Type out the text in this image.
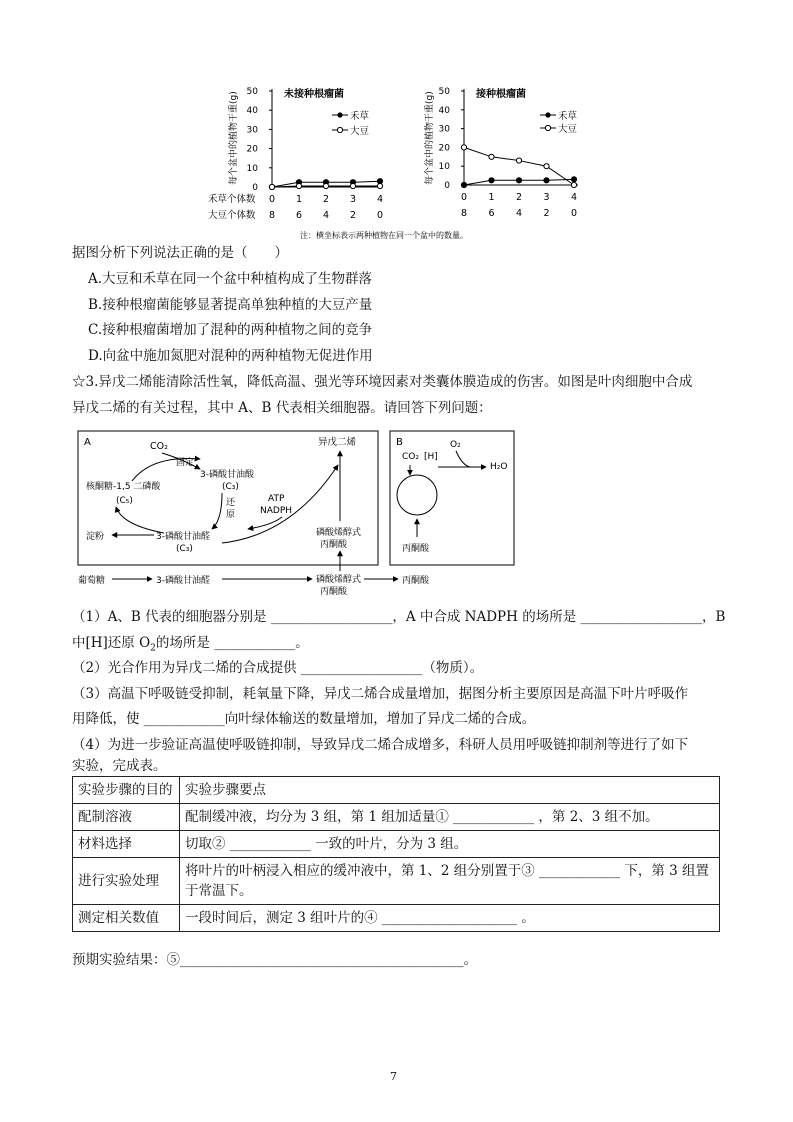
每个盆中的植物干重(g) 50
40
30
20
10
0
0 1 2 3 4
8 6 4 2 0
未接种根瘤菌
禾草
大豆
禾草个体数
大豆个体数
每个盆中的植物干重(g) 50
40
30
20
10
0
0 1 2 3 4
8 6 4 2 0
接种根瘤菌
禾草
大豆
注：横坐标表示两种植物在同一个盆中的数量。
据图分析下列说法正确的是（　　）
A.大豆和禾草在同一个盆中种植构成了生物群落
B.接种根瘤菌能够显著提高单独种植的大豆产量
C.接种根瘤菌增加了混种的两种植物之间的竞争
D.向盆中施加氮肥对混种的两种植物无促进作用
☆3.异戊二烯能清除活性氧，降低高温、强光等环境因素对类囊体膜造成的伤害。如图是叶肉细胞中合成
异戊二烯的有关过程，其中 A、B 代表相关细胞器。请回答下列问题：
A	B
CO₂
固定
3-磷酸甘油酸
(C₃)
还
原
核酮糖-1,5 二磷酸
(C₅)	ATP
NADPH
淀粉	3-磷酸甘油醛
(C₃)
异戊二烯
磷酸烯醇式
丙酮酸
CO₂ [H]
O₂
H₂O
丙酮酸
葡萄糖	3-磷酸甘油醛	磷酸烯醇式
丙酮酸
丙酮酸
（1）A、B 代表的细胞器分别是 __________________，A 中合成 NADPH 的场所是 __________________，B
中[H]还原 $O_2$的场所是 ____________。
（2）光合作用为异戊二烯的合成提供 __________________（物质）。
（3）高温下呼吸链受抑制，耗氧量下降，异戊二烯合成量增加，据图分析主要原因是高温下叶片呼吸作
用降低，使 ____________向叶绿体输送的数量增加，增加了异戊二烯的合成。
（4）为进一步验证高温使呼吸链抑制，导致异戊二烯合成增多，科研人员用呼吸链抑制剂等进行了如下
实验，完成表。
实验步骤的目的	实验步骤要点
配制溶液	配制缓冲液，均分为 3 组，第 1 组加适量① ____________ ，第 2、3 组不加。
材料选择	切取② ____________ 一致的叶片，分为 3 组。
进行实验处理	将叶片的叶柄浸入相应的缓冲液中，第 1、2 组分别置于③ ____________ 下，第 3 组置于常温下。
测定相关数值	一段时间后，测定 3 组叶片的④ ____________________ 。
预期实验结果：⑤__________________________________________。
7
